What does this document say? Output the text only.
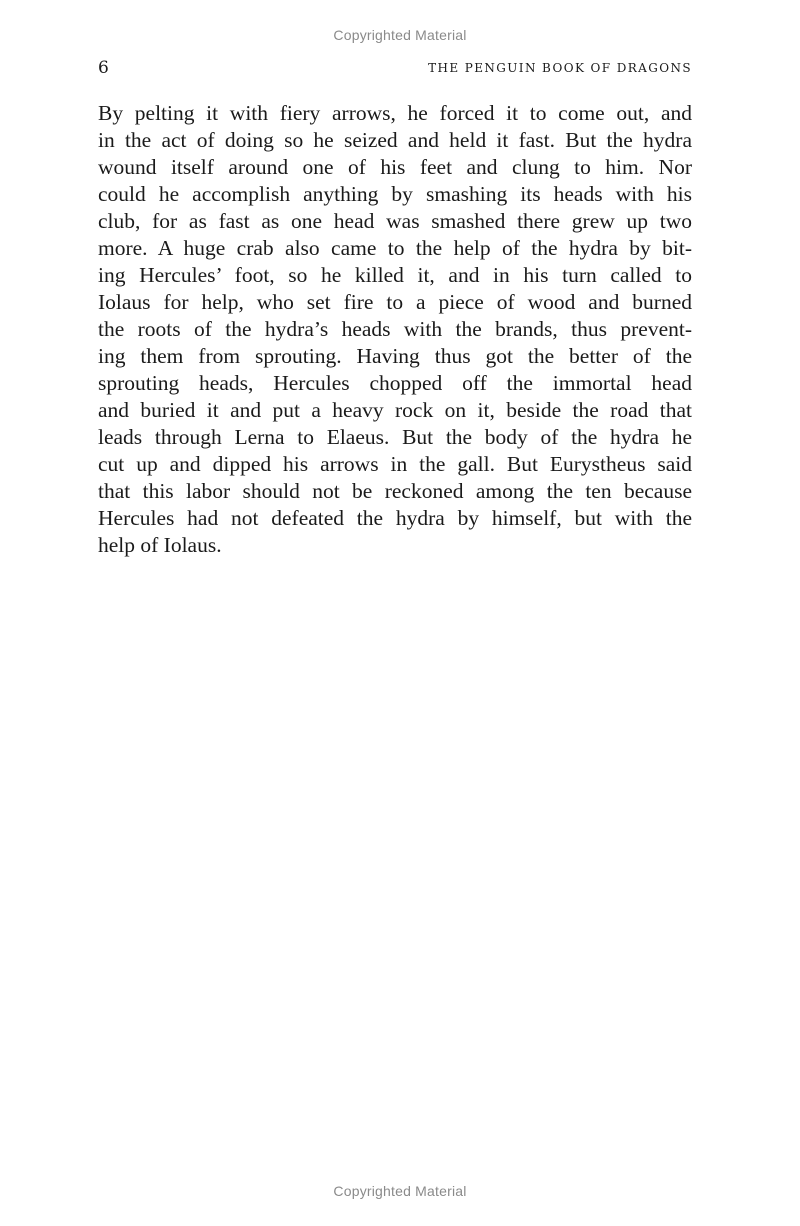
Copyrighted Material
6	THE PENGUIN BOOK OF DRAGONS
By pelting it with fiery arrows, he forced it to come out, and
in the act of doing so he seized and held it fast. But the hydra
wound itself around one of his feet and clung to him. Nor
could he accomplish anything by smashing its heads with his
club, for as fast as one head was smashed there grew up two
more. A huge crab also came to the help of the hydra by bit-
ing Hercules’ foot, so he killed it, and in his turn called to
Iolaus for help, who set fire to a piece of wood and burned
the roots of the hydra’s heads with the brands, thus prevent-
ing them from sprouting. Having thus got the better of the
sprouting heads, Hercules chopped off the immortal head
and buried it and put a heavy rock on it, beside the road that
leads through Lerna to Elaeus. But the body of the hydra he
cut up and dipped his arrows in the gall. But Eurystheus said
that this labor should not be reckoned among the ten because
Hercules had not defeated the hydra by himself, but with the
help of Iolaus.
Copyrighted Material
